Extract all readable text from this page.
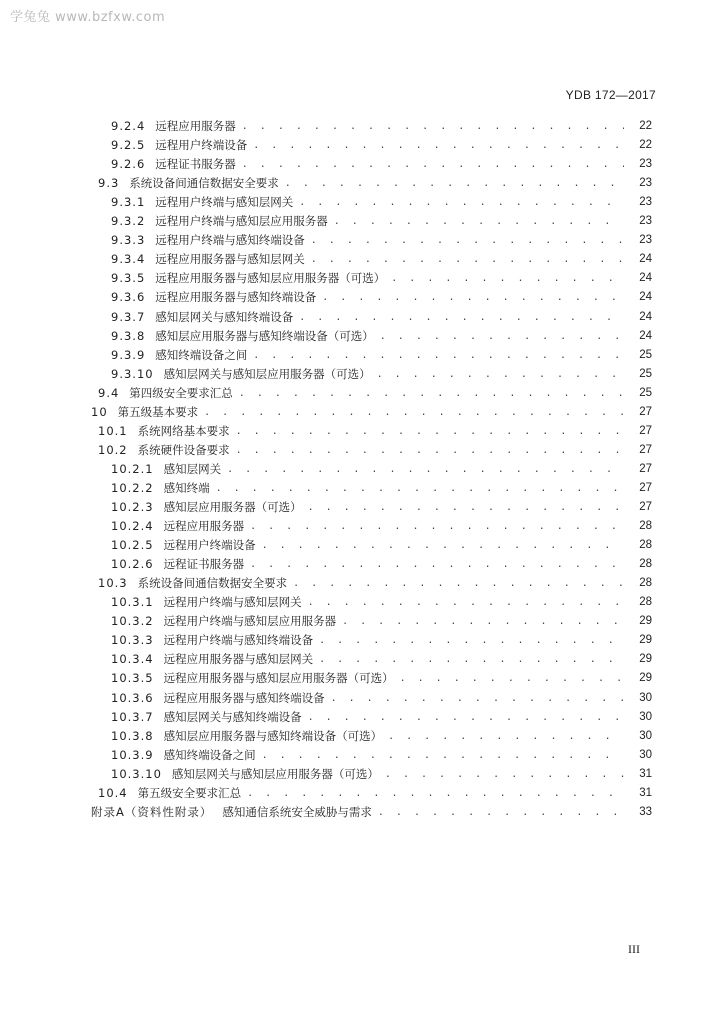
学兔兔 www.bzfxw.com
YDB 172—2017
9.2.4 远程应用服务器 . . .	22
9.2.5 远程用户终端设备 . . .	22
9.2.6 远程证书服务器 . . .	23
9.3 系统设备间通信数据安全要求 . . .	23
9.3.1 远程用户终端与感知层网关 . . .	23
9.3.2 远程用户终端与感知层应用服务器 . . .	23
9.3.3 远程用户终端与感知终端设备 . . .	23
9.3.4 远程应用服务器与感知层网关 . . .	24
9.3.5 远程应用服务器与感知层应用服务器（可选） . . .	24
9.3.6 远程应用服务器与感知终端设备 . . .	24
9.3.7 感知层网关与感知终端设备 . . .	24
9.3.8 感知层应用服务器与感知终端设备（可选） . . .	24
9.3.9 感知终端设备之间 . . .	25
9.3.10 感知层网关与感知层应用服务器（可选） . . .	25
9.4 第四级安全要求汇总 . . .	25
10 第五级基本要求 . . .	27
10.1 系统网络基本要求 . . .	27
10.2 系统硬件设备要求 . . .	27
10.2.1 感知层网关 . . .	27
10.2.2 感知终端 . . .	27
10.2.3 感知层应用服务器（可选） . . .	27
10.2.4 远程应用服务器 . . .	28
10.2.5 远程用户终端设备 . . .	28
10.2.6 远程证书服务器 . . .	28
10.3 系统设备间通信数据安全要求 . . .	28
10.3.1 远程用户终端与感知层网关 . . .	28
10.3.2 远程用户终端与感知层应用服务器 . . .	29
10.3.3 远程用户终端与感知终端设备 . . .	29
10.3.4 远程应用服务器与感知层网关 . . .	29
10.3.5 远程应用服务器与感知层应用服务器（可选） . . .	29
10.3.6 远程应用服务器与感知终端设备 . . .	30
10.3.7 感知层网关与感知终端设备 . . .	30
10.3.8 感知层应用服务器与感知终端设备（可选） . . .	30
10.3.9 感知终端设备之间 . . .	30
10.3.10 感知层网关与感知层应用服务器（可选） . . .	31
10.4 第五级安全要求汇总 . . .	31
附录A（资料性附录） 感知通信系统安全威胁与需求 . . .	33
III
